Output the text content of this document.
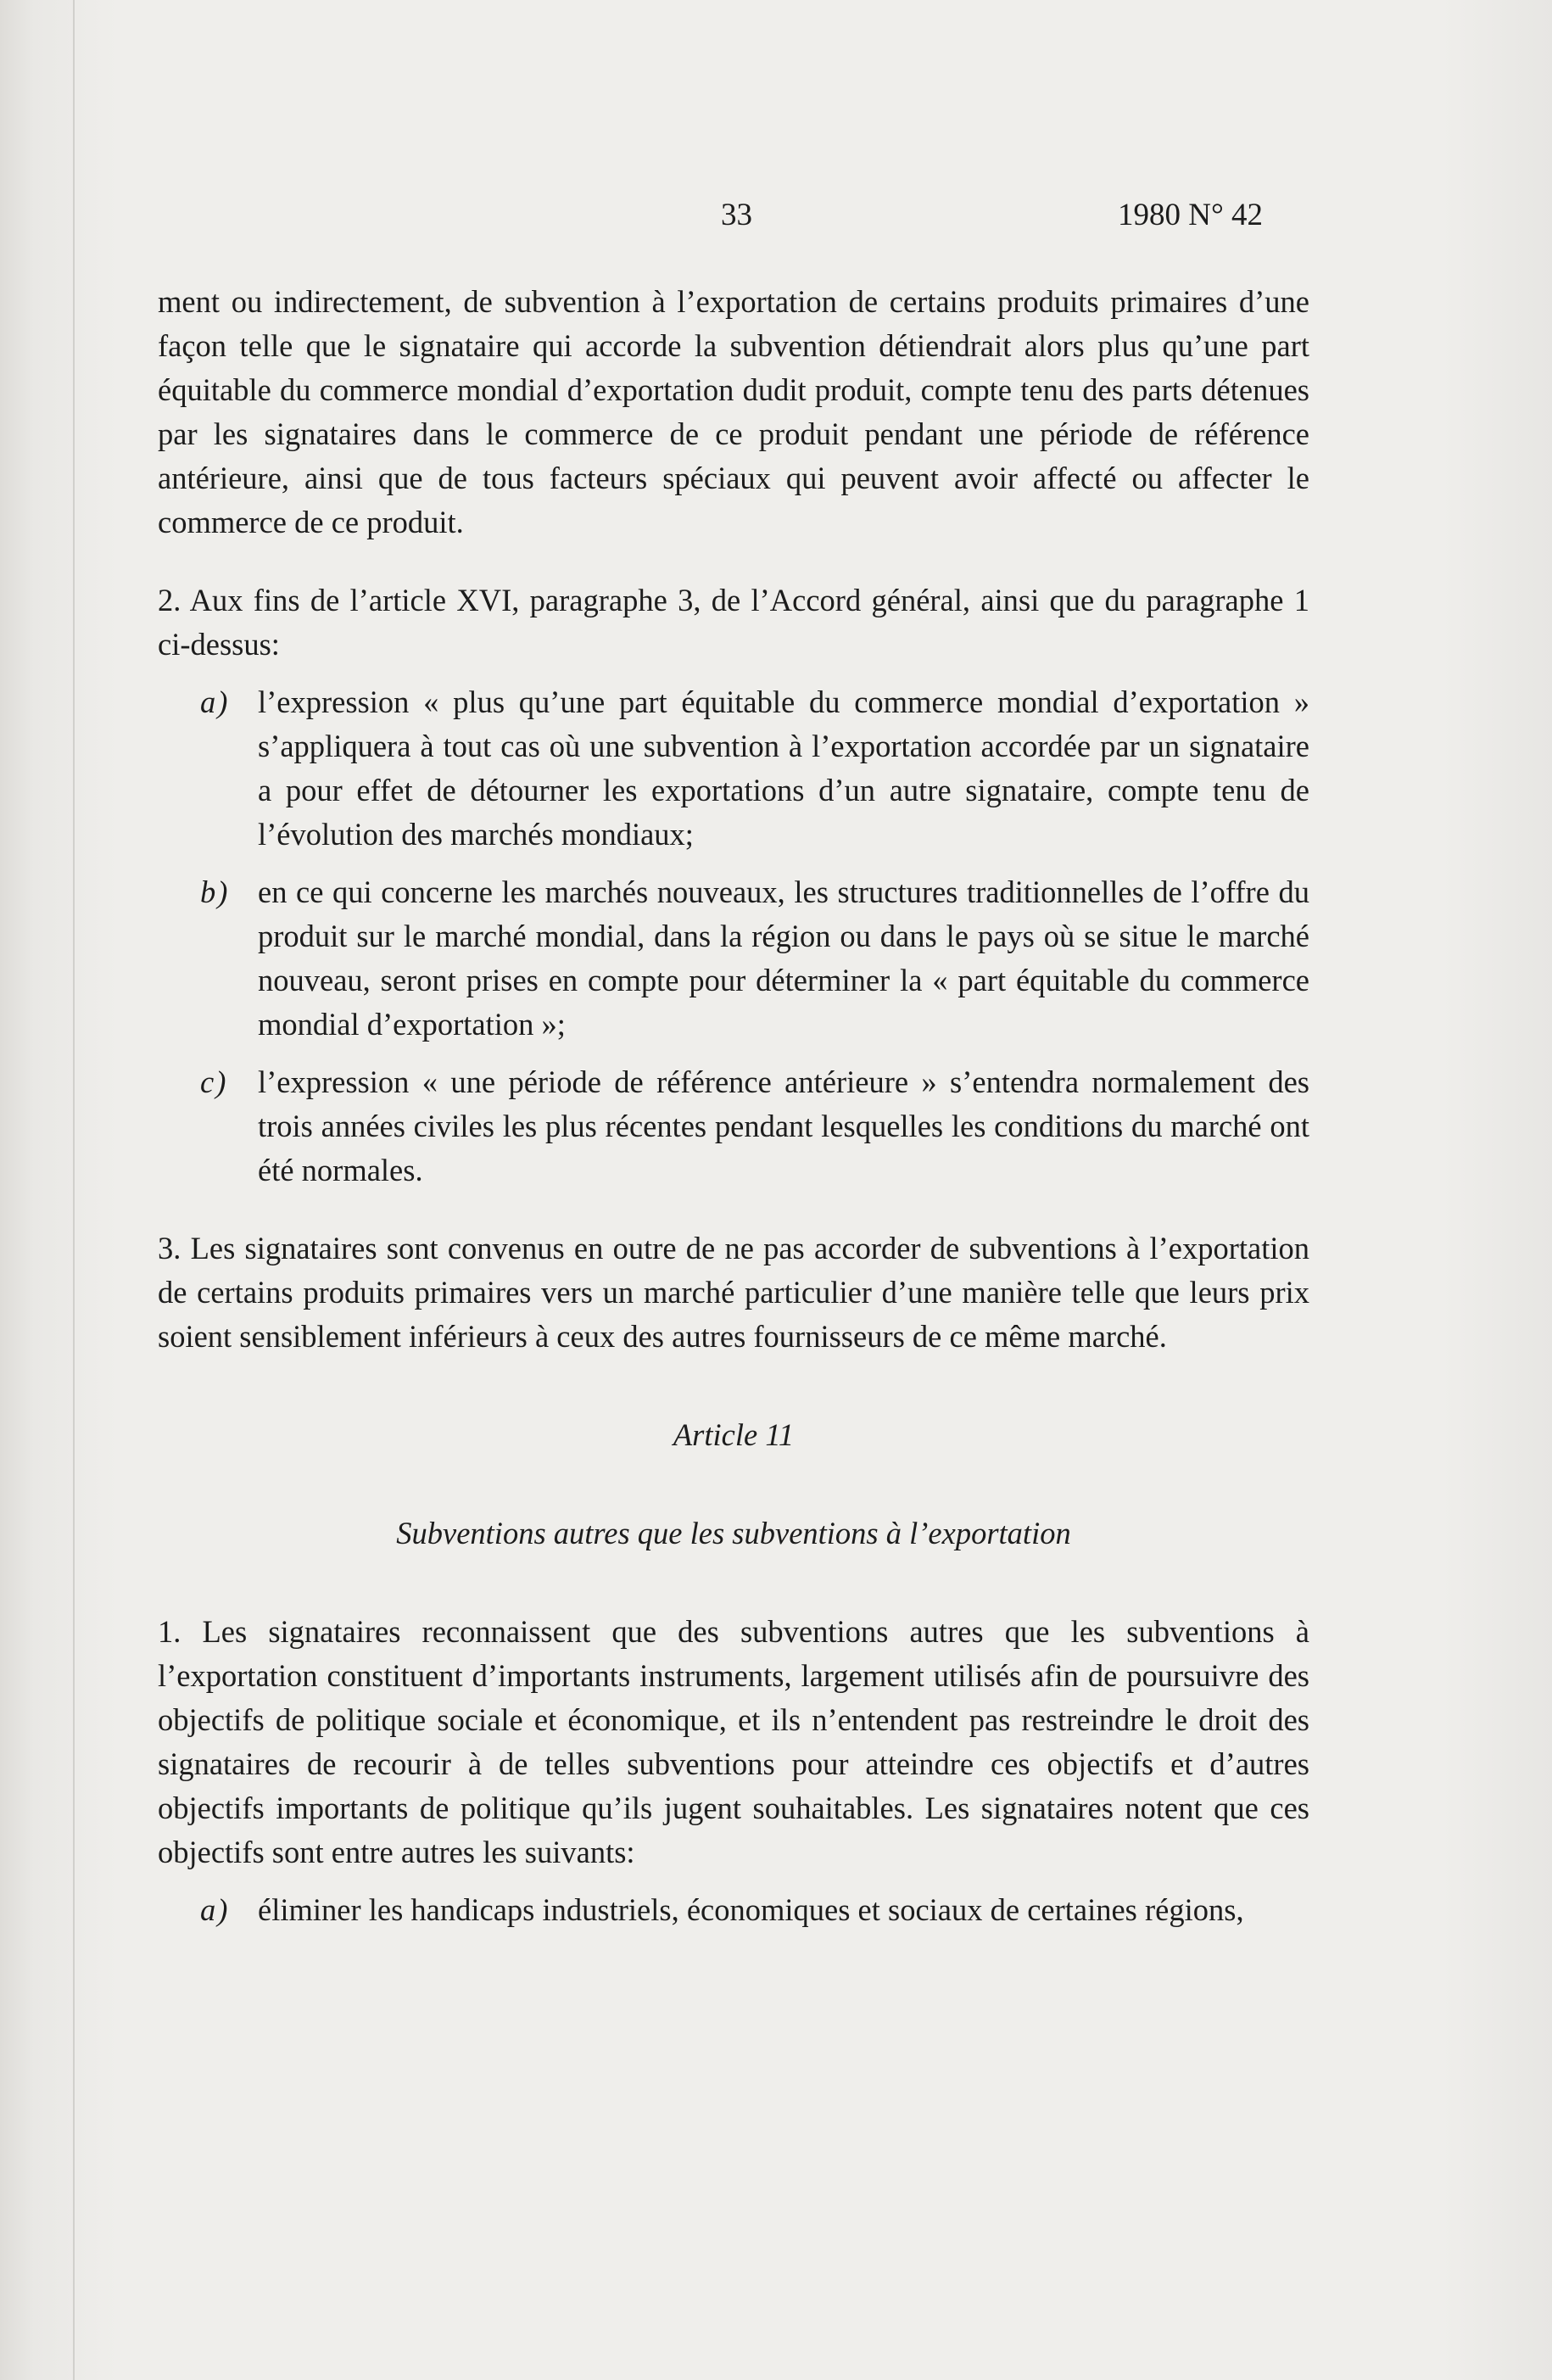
33	1980 N° 42

ment ou indirectement, de subvention à l’exportation de certains produits primaires d’une façon telle que le signataire qui accorde la subvention détiendrait alors plus qu’une part équitable du commerce mondial d’exportation dudit produit, compte tenu des parts détenues par les signataires dans le commerce de ce produit pendant une période de référence antérieure, ainsi que de tous facteurs spéciaux qui peuvent avoir affecté ou affecter le commerce de ce produit.

2. Aux fins de l’article XVI, paragraphe 3, de l’Accord général, ainsi que du paragraphe 1 ci-dessus:

a) l’expression « plus qu’une part équitable du commerce mondial d’exportation » s’appliquera à tout cas où une subvention à l’exportation accordée par un signataire a pour effet de détourner les exportations d’un autre signataire, compte tenu de l’évolution des marchés mondiaux;

b) en ce qui concerne les marchés nouveaux, les structures traditionnelles de l’offre du produit sur le marché mondial, dans la région ou dans le pays où se situe le marché nouveau, seront prises en compte pour déterminer la « part équitable du commerce mondial d’exportation »;

c) l’expression « une période de référence antérieure » s’entendra normalement des trois années civiles les plus récentes pendant lesquelles les conditions du marché ont été normales.

3. Les signataires sont convenus en outre de ne pas accorder de subventions à l’exportation de certains produits primaires vers un marché particulier d’une manière telle que leurs prix soient sensiblement inférieurs à ceux des autres fournisseurs de ce même marché.

Article 11

Subventions autres que les subventions à l’exportation

1. Les signataires reconnaissent que des subventions autres que les subventions à l’exportation constituent d’importants instruments, largement utilisés afin de poursuivre des objectifs de politique sociale et économique, et ils n’entendent pas restreindre le droit des signataires de recourir à de telles subventions pour atteindre ces objectifs et d’autres objectifs importants de politique qu’ils jugent souhaitables. Les signataires notent que ces objectifs sont entre autres les suivants:

a) éliminer les handicaps industriels, économiques et sociaux de certaines régions,
